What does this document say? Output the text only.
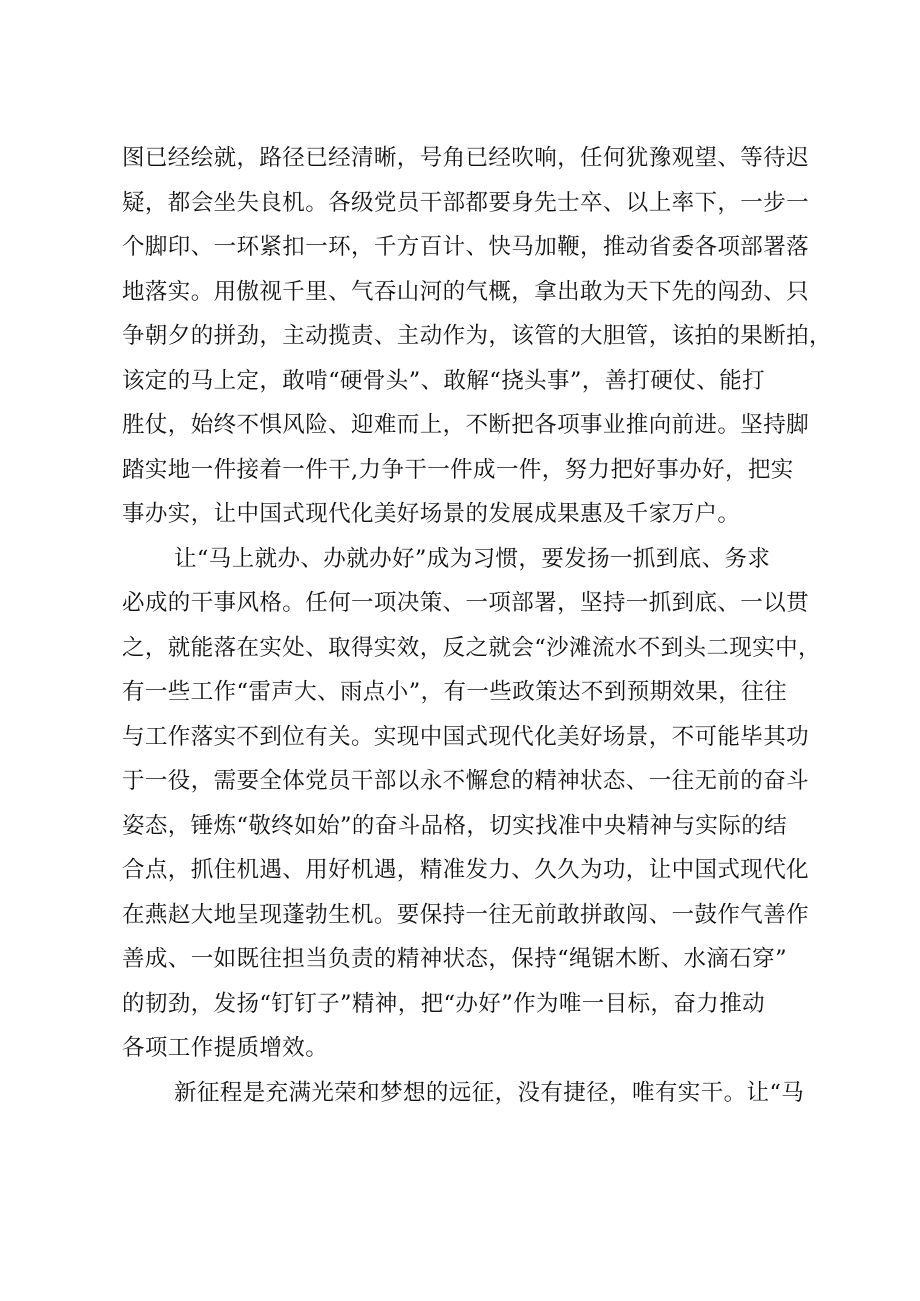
图已经绘就，路径已经清晰，号角已经吹响，任何犹豫观望、等待迟
疑，都会坐失良机。各级党员干部都要身先士卒、以上率下，一步一
个脚印、一环紧扣一环，千方百计、快马加鞭，推动省委各项部署落
地落实。用傲视千里、气吞山河的气概，拿出敢为天下先的闯劲、只
争朝夕的拼劲，主动揽责、主动作为，该管的大胆管，该拍的果断拍，
该定的马上定，敢啃“硬骨头”、敢解“挠头事”，善打硬仗、能打
胜仗，始终不惧风险、迎难而上，不断把各项事业推向前进。坚持脚
踏实地一件接着一件干,力争干一件成一件，努力把好事办好，把实
事办实，让中国式现代化美好场景的发展成果惠及千家万户。
让“马上就办、办就办好”成为习惯，要发扬一抓到底、务求
必成的干事风格。任何一项决策、一项部署，坚持一抓到底、一以贯
之，就能落在实处、取得实效，反之就会“沙滩流水不到头二现实中，
有一些工作“雷声大、雨点小”，有一些政策达不到预期效果，往往
与工作落实不到位有关。实现中国式现代化美好场景，不可能毕其功
于一役，需要全体党员干部以永不懈怠的精神状态、一往无前的奋斗
姿态，锤炼“敬终如始”的奋斗品格，切实找准中央精神与实际的结
合点，抓住机遇、用好机遇，精准发力、久久为功，让中国式现代化
在燕赵大地呈现蓬勃生机。要保持一往无前敢拼敢闯、一鼓作气善作
善成、一如既往担当负责的精神状态，保持“绳锯木断、水滴石穿”
的韧劲，发扬“钉钉子”精神，把“办好”作为唯一目标，奋力推动
各项工作提质增效。
新征程是充满光荣和梦想的远征，没有捷径，唯有实干。让“马
